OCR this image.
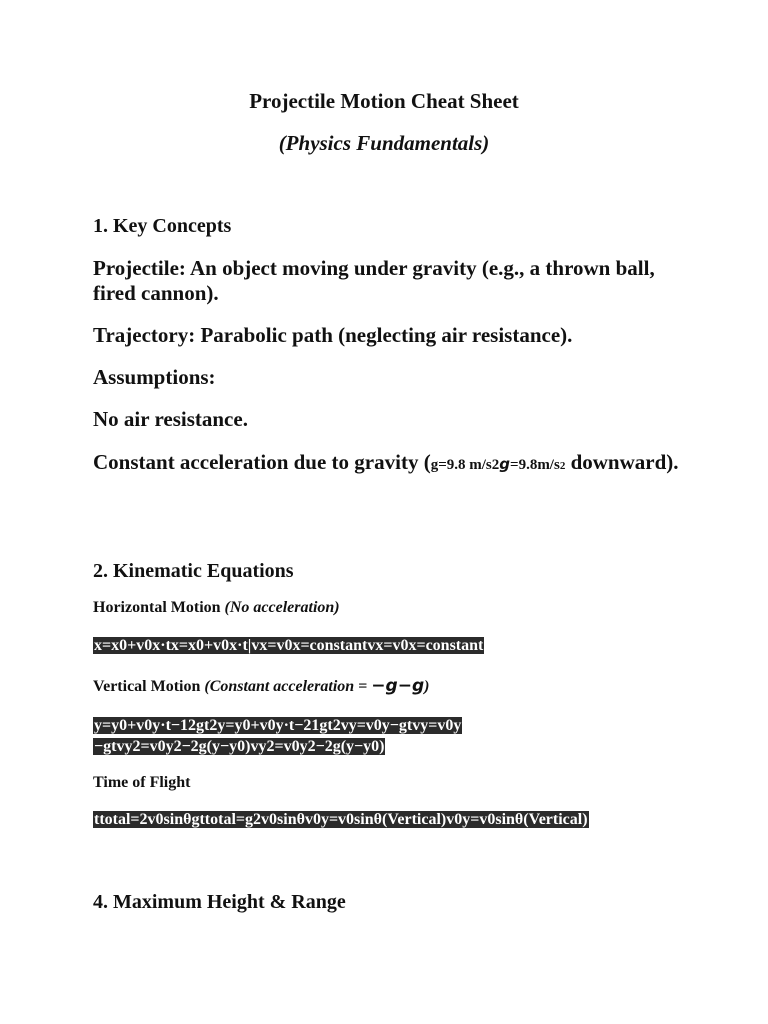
Projectile Motion Cheat Sheet
(Physics Fundamentals)

1. Key Concepts

Projectile: An object moving under gravity (e.g., a thrown ball, fired cannon).

Trajectory: Parabolic path (neglecting air resistance).

Assumptions:

No air resistance.

Constant acceleration due to gravity (g=9.8 m/s2g=9.8m/s2 downward).

2. Kinematic Equations

Horizontal Motion (No acceleration)

x=x0+v0x·tx=x0+v0x·t|vx=v0x=constantvx=v0x=constant

Vertical Motion (Constant acceleration = −g−g)

y=y0+v0y·t−12gt2y=y0+v0y·t−21gt2vy=v0y−gtvy=v0y
−gtvy2=v0y2−2g(y−y0)vy2=v0y2−2g(y−y0)

Time of Flight

ttotal=2v0sinθgttotal=g2v0sinθv0y=v0sinθ(Vertical)v0y=v0sinθ(Vertical)

4. Maximum Height & Range
